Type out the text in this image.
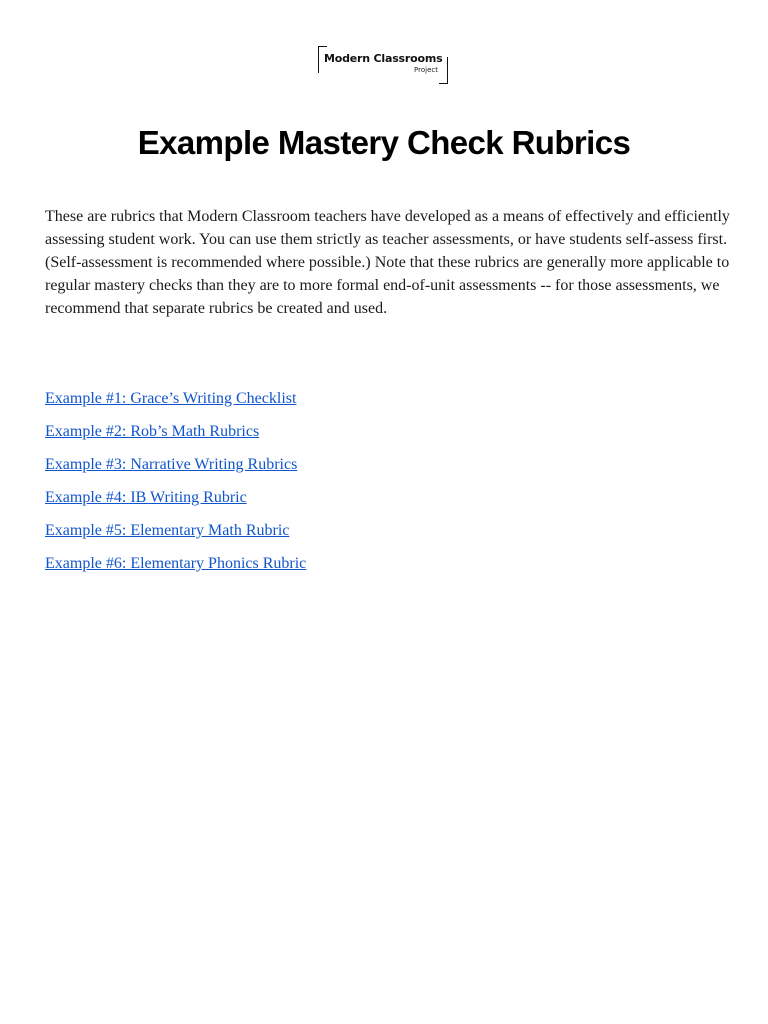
Modern Classrooms
Project
Example Mastery Check Rubrics

These are rubrics that Modern Classroom teachers have developed as a means of effectively and efficiently assessing student work. You can use them strictly as teacher assessments, or have students self-assess first. (Self-assessment is recommended where possible.) Note that these rubrics are generally more applicable to regular mastery checks than they are to more formal end-of-unit assessments -- for those assessments, we recommend that separate rubrics be created and used.

Example #1: Grace’s Writing Checklist
Example #2: Rob’s Math Rubrics
Example #3: Narrative Writing Rubrics
Example #4: IB Writing Rubric
Example #5: Elementary Math Rubric
Example #6: Elementary Phonics Rubric
